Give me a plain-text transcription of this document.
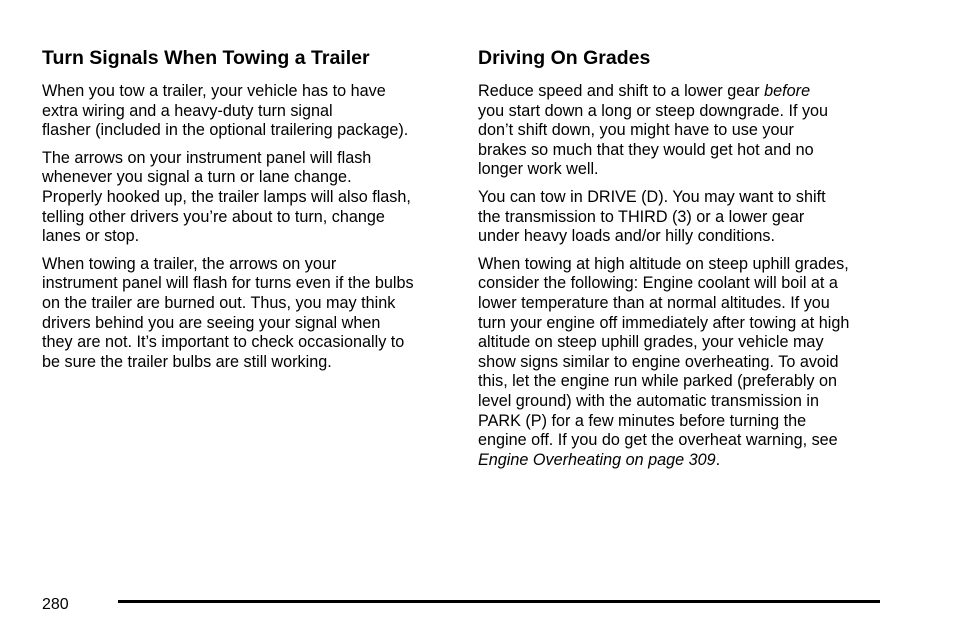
Turn Signals When Towing a Trailer

When you tow a trailer, your vehicle has to have
extra wiring and a heavy-duty turn signal
flasher (included in the optional trailering package).

The arrows on your instrument panel will flash
whenever you signal a turn or lane change.
Properly hooked up, the trailer lamps will also flash,
telling other drivers you’re about to turn, change
lanes or stop.

When towing a trailer, the arrows on your
instrument panel will flash for turns even if the bulbs
on the trailer are burned out. Thus, you may think
drivers behind you are seeing your signal when
they are not. It’s important to check occasionally to
be sure the trailer bulbs are still working.

Driving On Grades

Reduce speed and shift to a lower gear before
you start down a long or steep downgrade. If you
don’t shift down, you might have to use your
brakes so much that they would get hot and no
longer work well.

You can tow in DRIVE (D). You may want to shift
the transmission to THIRD (3) or a lower gear
under heavy loads and/or hilly conditions.

When towing at high altitude on steep uphill grades,
consider the following: Engine coolant will boil at a
lower temperature than at normal altitudes. If you
turn your engine off immediately after towing at high
altitude on steep uphill grades, your vehicle may
show signs similar to engine overheating. To avoid
this, let the engine run while parked (preferably on
level ground) with the automatic transmission in
PARK (P) for a few minutes before turning the
engine off. If you do get the overheat warning, see
Engine Overheating on page 309.

280
